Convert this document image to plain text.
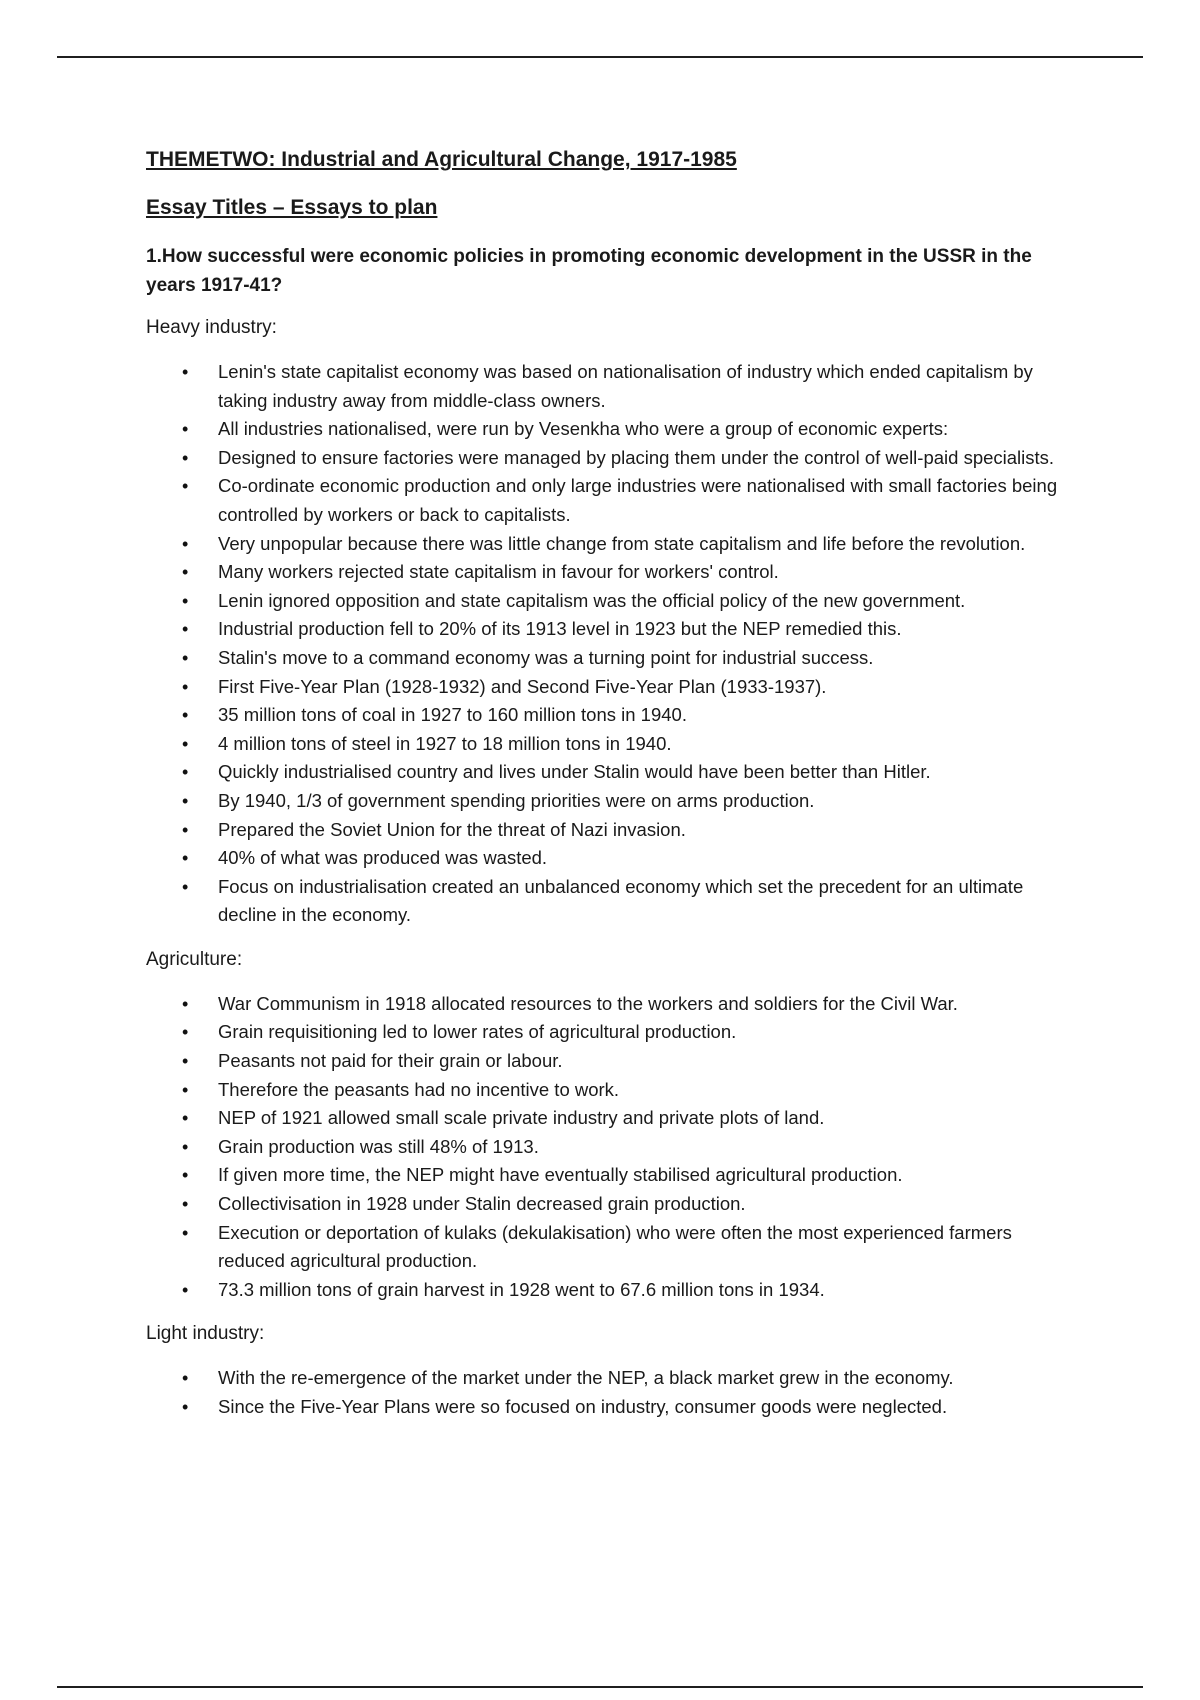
THEMETWO: Industrial and Agricultural Change, 1917-1985

Essay Titles – Essays to plan

1.How successful were economic policies in promoting economic development in the USSR in the years 1917-41?

Heavy industry:

• Lenin's state capitalist economy was based on nationalisation of industry which ended capitalism by taking industry away from middle-class owners.
• All industries nationalised, were run by Vesenkha who were a group of economic experts:
• Designed to ensure factories were managed by placing them under the control of well-paid specialists.
• Co-ordinate economic production and only large industries were nationalised with small factories being controlled by workers or back to capitalists.
• Very unpopular because there was little change from state capitalism and life before the revolution.
• Many workers rejected state capitalism in favour for workers' control.
• Lenin ignored opposition and state capitalism was the official policy of the new government.
• Industrial production fell to 20% of its 1913 level in 1923 but the NEP remedied this.
• Stalin's move to a command economy was a turning point for industrial success.
• First Five-Year Plan (1928-1932) and Second Five-Year Plan (1933-1937).
• 35 million tons of coal in 1927 to 160 million tons in 1940.
• 4 million tons of steel in 1927 to 18 million tons in 1940.
• Quickly industrialised country and lives under Stalin would have been better than Hitler.
• By 1940, 1/3 of government spending priorities were on arms production.
• Prepared the Soviet Union for the threat of Nazi invasion.
• 40% of what was produced was wasted.
• Focus on industrialisation created an unbalanced economy which set the precedent for an ultimate decline in the economy.

Agriculture:

• War Communism in 1918 allocated resources to the workers and soldiers for the Civil War.
• Grain requisitioning led to lower rates of agricultural production.
• Peasants not paid for their grain or labour.
• Therefore the peasants had no incentive to work.
• NEP of 1921 allowed small scale private industry and private plots of land.
• Grain production was still 48% of 1913.
• If given more time, the NEP might have eventually stabilised agricultural production.
• Collectivisation in 1928 under Stalin decreased grain production.
• Execution or deportation of kulaks (dekulakisation) who were often the most experienced farmers reduced agricultural production.
• 73.3 million tons of grain harvest in 1928 went to 67.6 million tons in 1934.

Light industry:

• With the re-emergence of the market under the NEP, a black market grew in the economy.
• Since the Five-Year Plans were so focused on industry, consumer goods were neglected.
